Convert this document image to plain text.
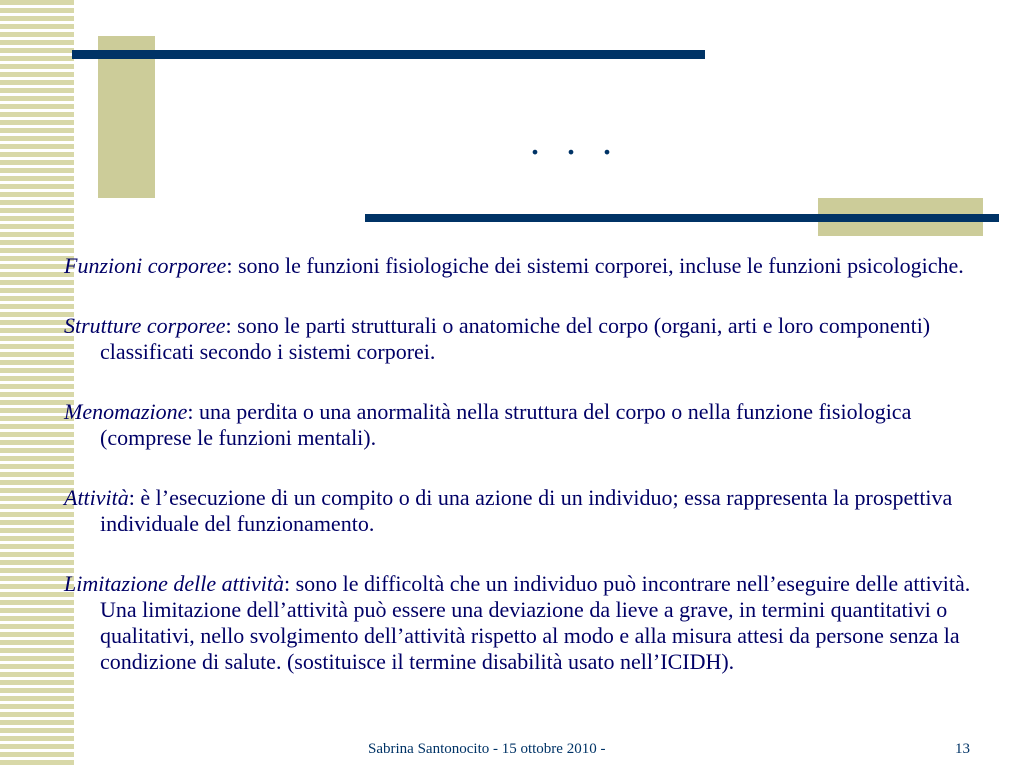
. . .

Funzioni corporee: sono le funzioni fisiologiche dei sistemi corporei, incluse le funzioni psicologiche.

Strutture corporee: sono le parti strutturali o anatomiche del corpo (organi, arti e loro componenti) classificati secondo i sistemi corporei.

Menomazione: una perdita o una anormalità nella struttura del corpo o nella funzione fisiologica (comprese le funzioni mentali).

Attività: è l’esecuzione di un compito o di una azione di un individuo; essa rappresenta la prospettiva individuale del funzionamento.

Limitazione delle attività: sono le difficoltà che un individuo può incontrare nell’eseguire delle attività. Una limitazione dell’attività può essere una deviazione da lieve a grave, in termini quantitativi o qualitativi, nello svolgimento dell’attività rispetto al modo e alla misura attesi da persone senza la condizione di salute. (sostituisce il termine disabilità usato nell’ICIDH).

Sabrina Santonocito - 15 ottobre 2010 -	13
